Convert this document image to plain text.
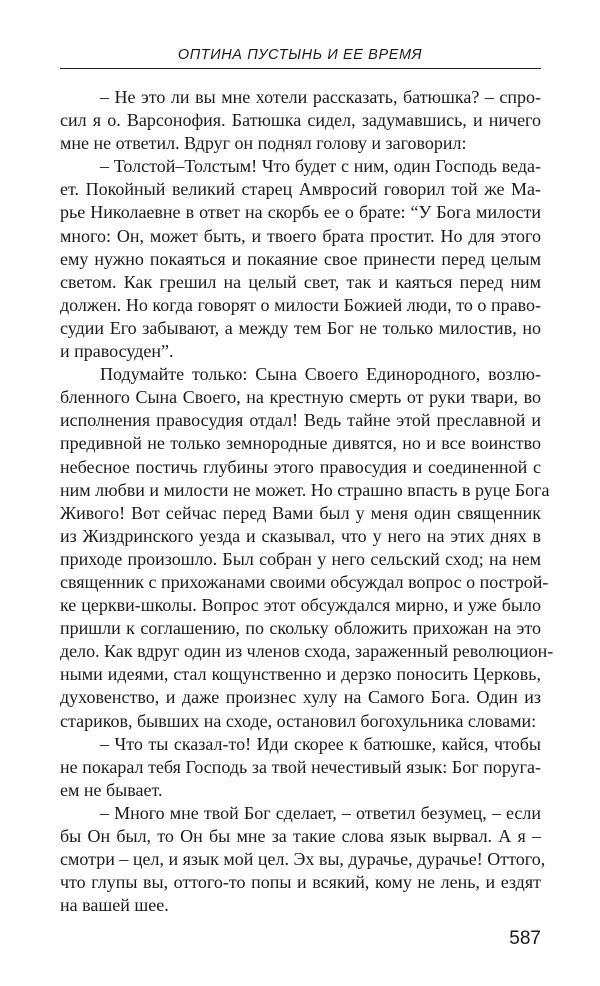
ОПТИНА ПУСТЫНЬ И ЕЕ ВРЕМЯ

– Не это ли вы мне хотели рассказать, батюшка? – спро-
сил я о. Варсонофия. Батюшка сидел, задумавшись, и ничего
мне не ответил. Вдруг он поднял голову и заговорил:

– Толстой–Толстым! Что будет с ним, один Господь веда-
ет. Покойный великий старец Амвросий говорил той же Ма-
рье Николаевне в ответ на скорбь ее о брате: “У Бога милости
много: Он, может быть, и твоего брата простит. Но для этого
ему нужно покаяться и покаяние свое принести перед целым
светом. Как грешил на целый свет, так и каяться перед ним
должен. Но когда говорят о милости Божией люди, то о право-
судии Его забывают, а между тем Бог не только милостив, но
и правосуден”.

Подумайте только: Сына Своего Единородного, возлю-
бленного Сына Своего, на крестную смерть от руки твари, во
исполнения правосудия отдал! Ведь тайне этой преславной и
предивной не только земнородные дивятся, но и все воинство
небесное постичь глубины этого правосудия и соединенной с
ним любви и милости не может. Но страшно впасть в руце Бога
Живого! Вот сейчас перед Вами был у меня один священник
из Жиздринского уезда и сказывал, что у него на этих днях в
приходе произошло. Был собран у него сельский сход; на нем
священник с прихожанами своими обсуждал вопрос о построй-
ке церкви-школы. Вопрос этот обсуждался мирно, и уже было
пришли к соглашению, по скольку обложить прихожан на это
дело. Как вдруг один из членов схода, зараженный революцион-
ными идеями, стал кощунственно и дерзко поносить Церковь,
духовенство, и даже произнес хулу на Самого Бога. Один из
стариков, бывших на сходе, остановил богохульника словами:

– Что ты сказал-то! Иди скорее к батюшке, кайся, чтобы
не покарал тебя Господь за твой нечестивый язык: Бог поруга-
ем не бывает.

– Много мне твой Бог сделает, – ответил безумец, – если
бы Он был, то Он бы мне за такие слова язык вырвал. А я –
смотри – цел, и язык мой цел. Эх вы, дурачье, дурачье! Оттого,
что глупы вы, оттого-то попы и всякий, кому не лень, и ездят
на вашей шее.

587
